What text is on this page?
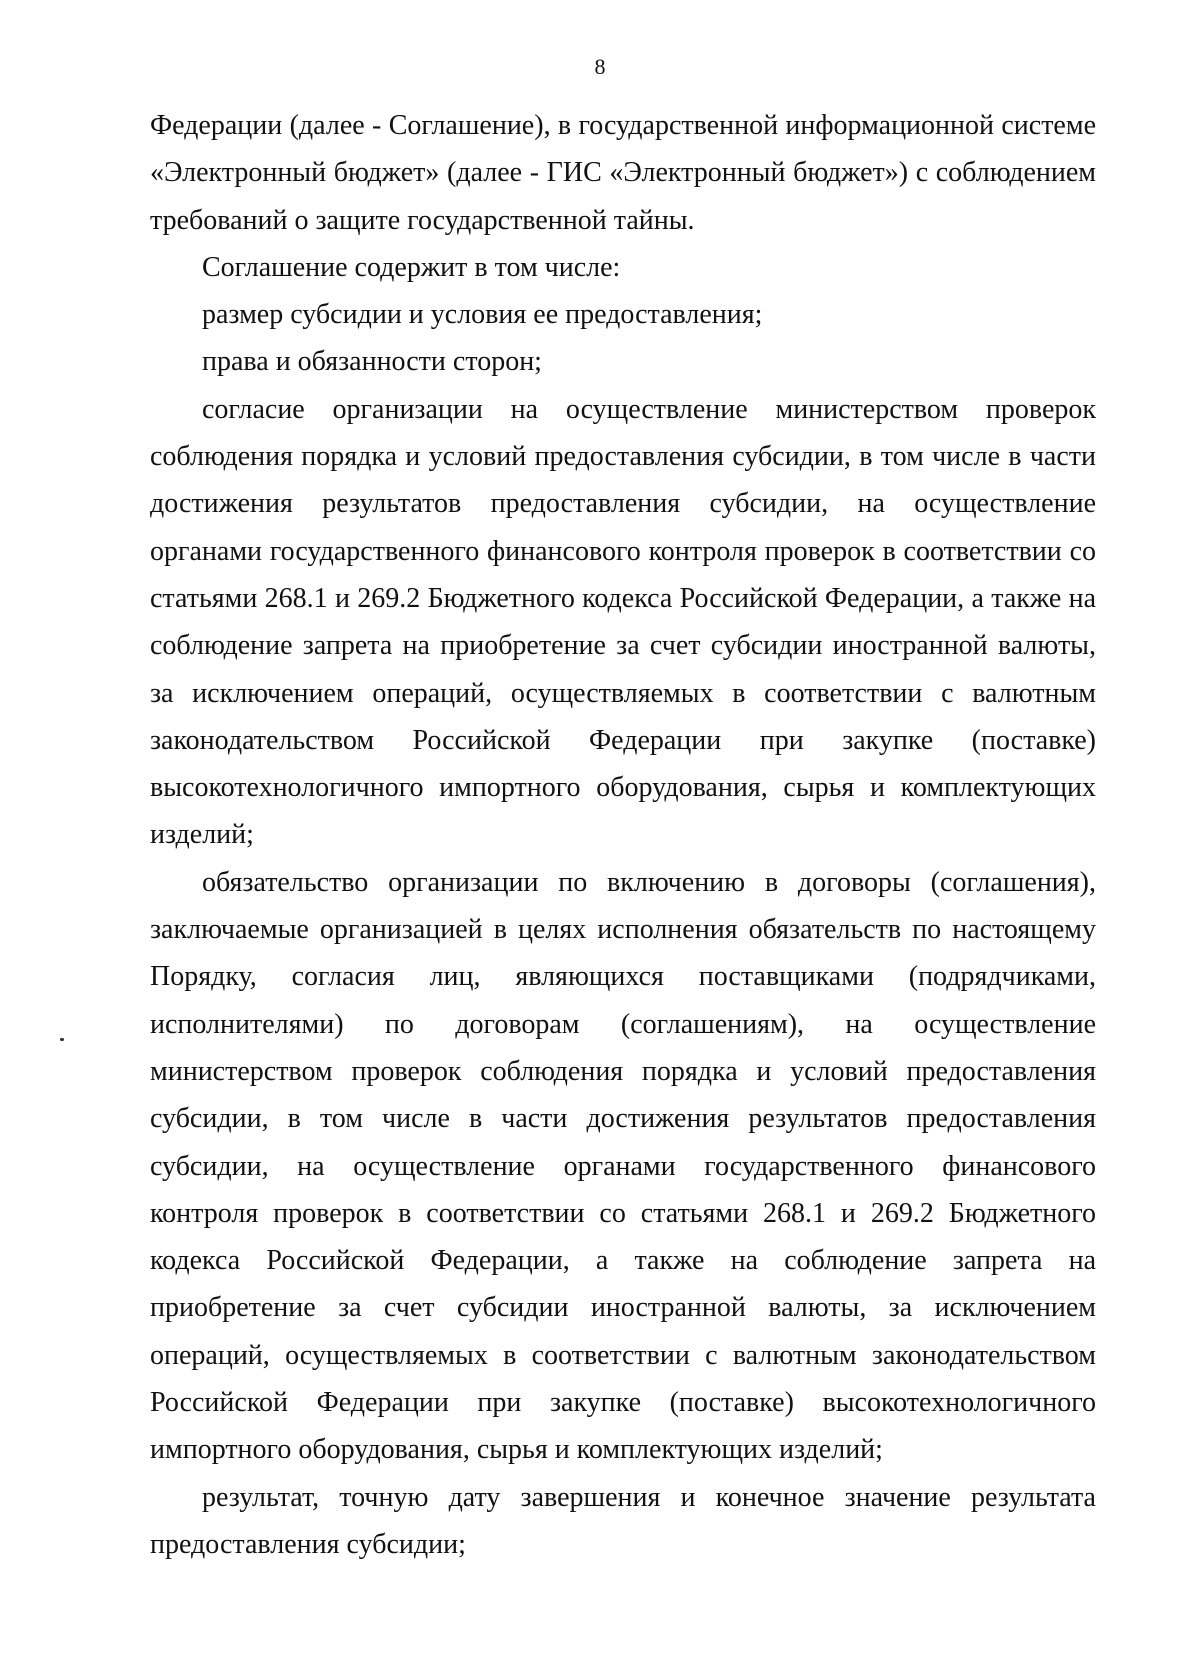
8

Федерации (далее - Соглашение), в государственной информационной системе «Электронный бюджет» (далее - ГИС «Электронный бюджет») с соблюдением требований о защите государственной тайны.

Соглашение содержит в том числе:

размер субсидии и условия ее предоставления;

права и обязанности сторон;

согласие организации на осуществление министерством проверок соблюдения порядка и условий предоставления субсидии, в том числе в части достижения результатов предоставления субсидии, на осуществление органами государственного финансового контроля проверок в соответствии со статьями 268.1 и 269.2 Бюджетного кодекса Российской Федерации, а также на соблюдение запрета на приобретение за счет субсидии иностранной валюты, за исключением операций, осуществляемых в соответствии с валютным законодательством Российской Федерации при закупке (поставке) высокотехнологичного импортного оборудования, сырья и комплектующих изделий;

обязательство организации по включению в договоры (соглашения), заключаемые организацией в целях исполнения обязательств по настоящему Порядку, согласия лиц, являющихся поставщиками (подрядчиками, исполнителями) по договорам (соглашениям), на осуществление министерством проверок соблюдения порядка и условий предоставления субсидии, в том числе в части достижения результатов предоставления субсидии, на осуществление органами государственного финансового контроля проверок в соответствии со статьями 268.1 и 269.2 Бюджетного кодекса Российской Федерации, а также на соблюдение запрета на приобретение за счет субсидии иностранной валюты, за исключением операций, осуществляемых в соответствии с валютным законодательством Российской Федерации при закупке (поставке) высокотехнологичного импортного оборудования, сырья и комплектующих изделий;

результат, точную дату завершения и конечное значение результата предоставления субсидии;
